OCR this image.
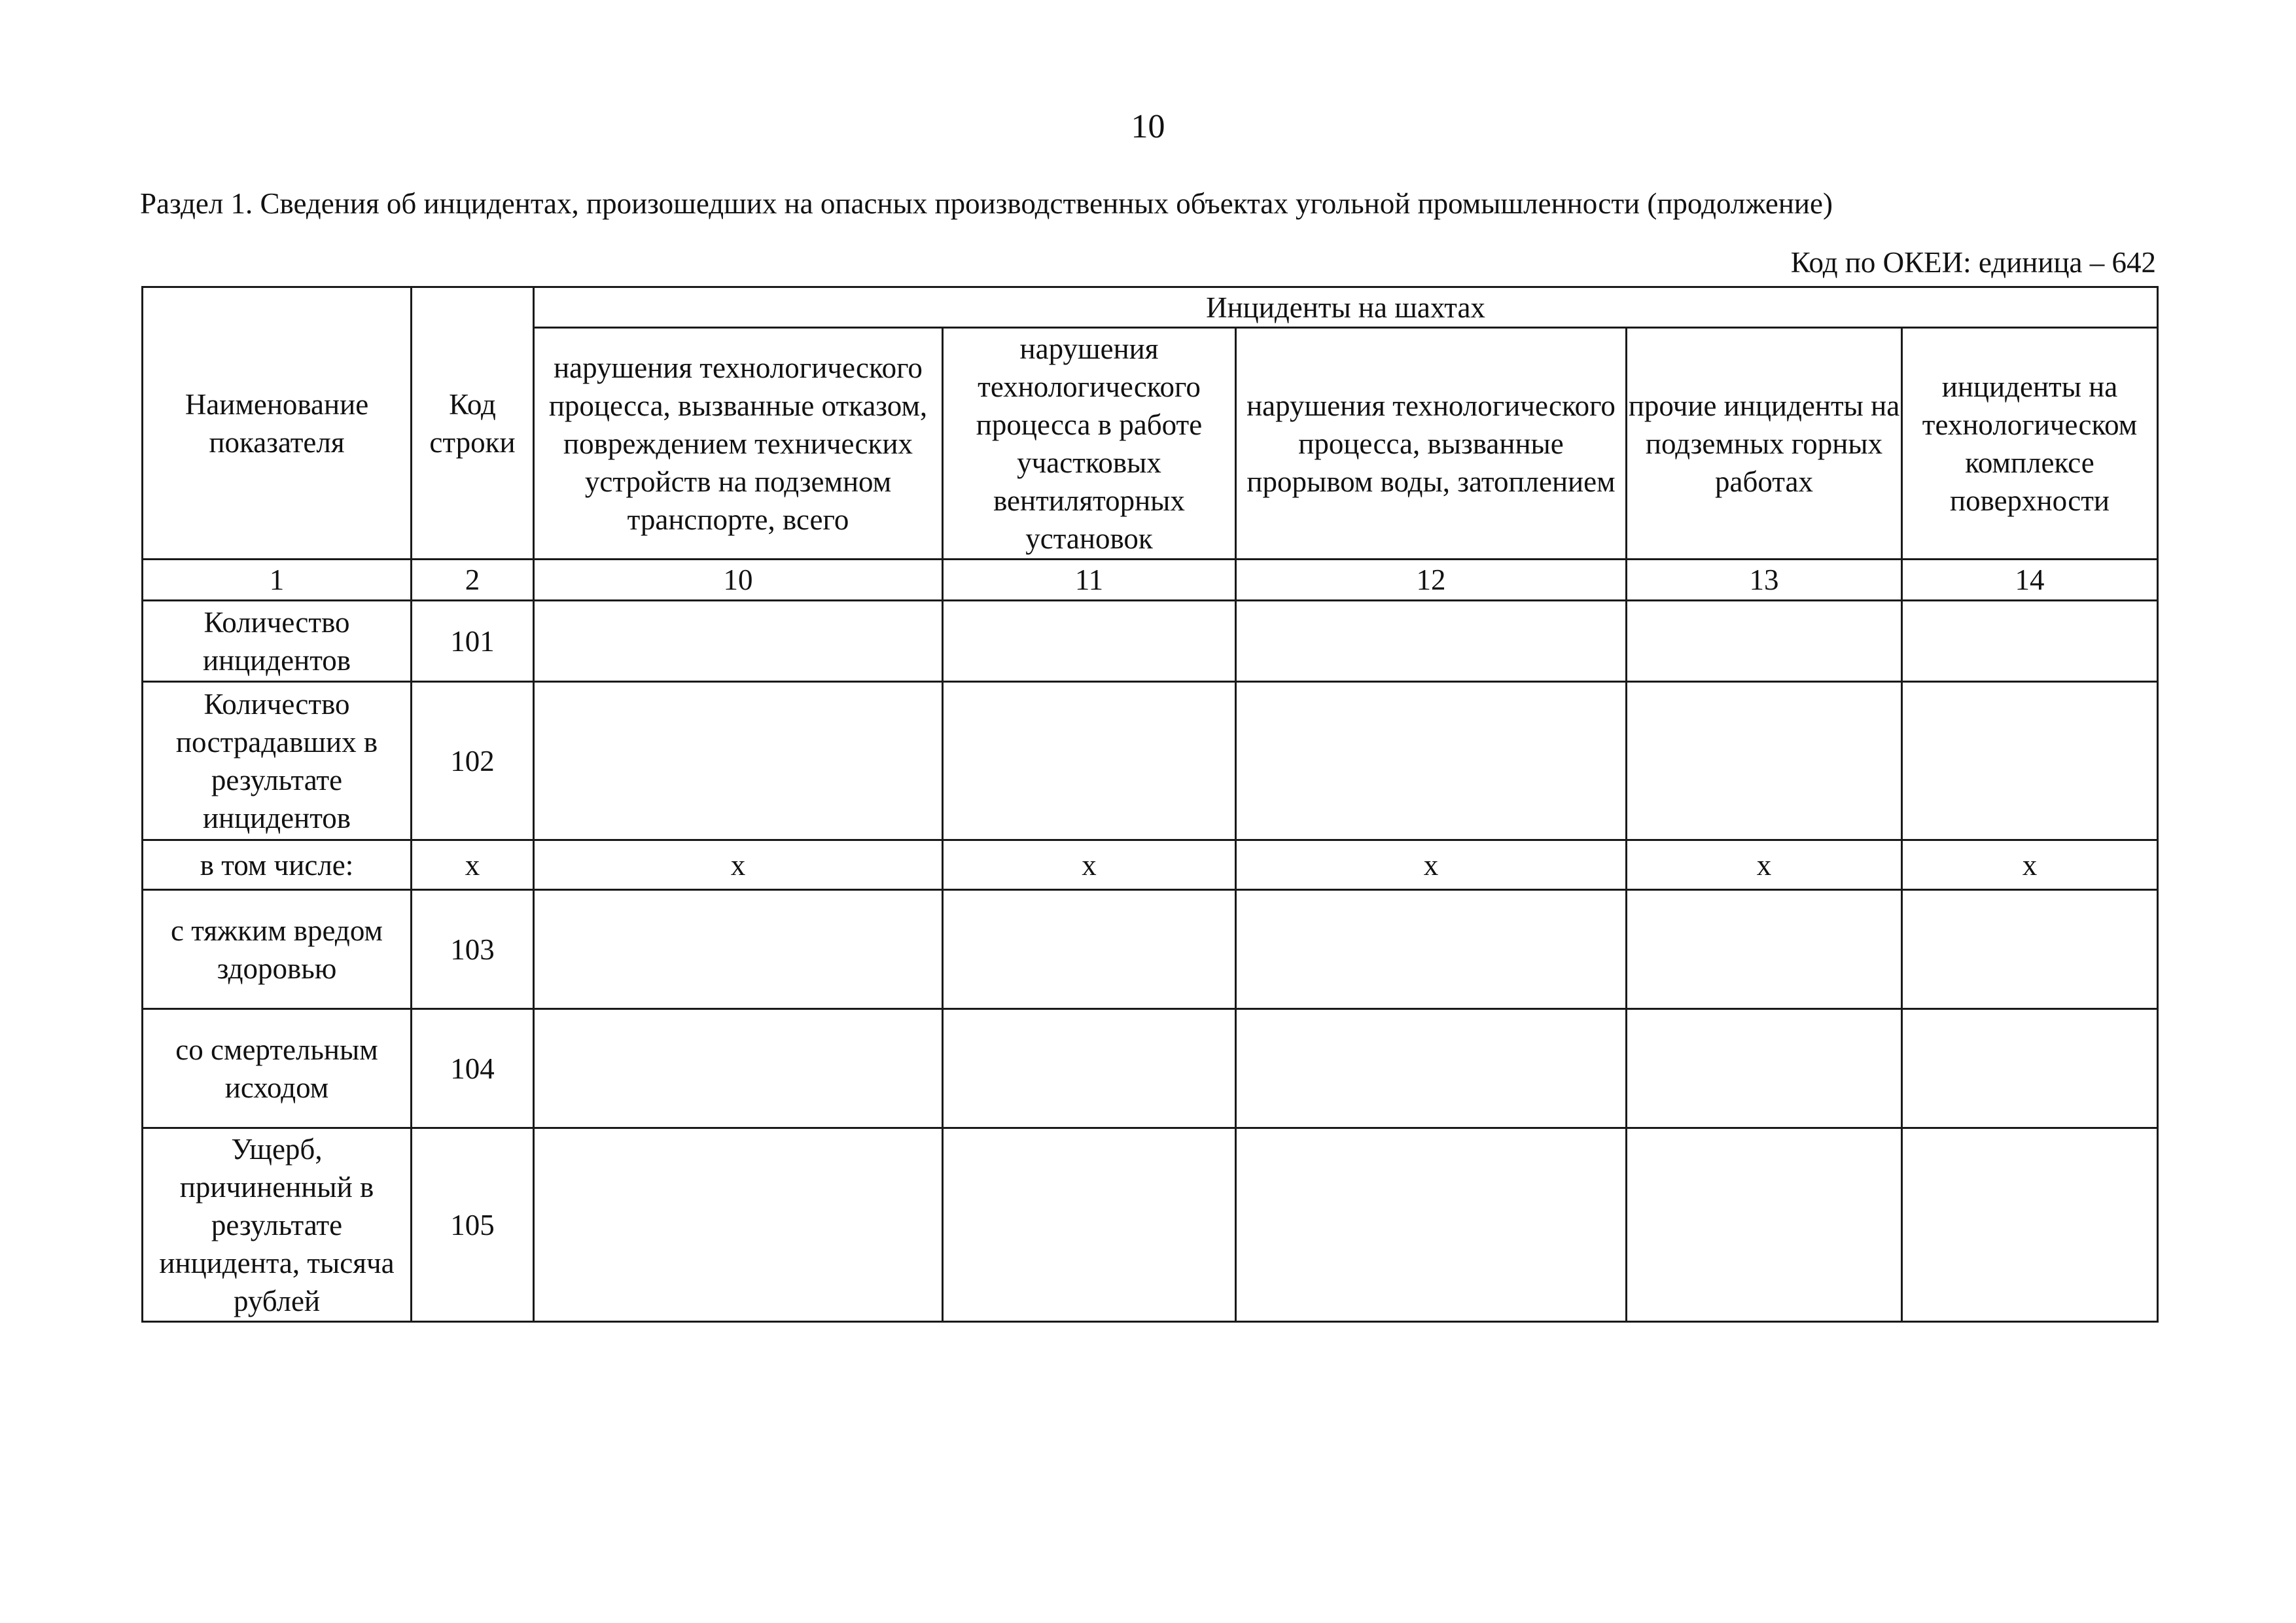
10
Раздел 1. Сведения об инцидентах, произошедших на опасных производственных объектах угольной промышленности (продолжение)
Код по ОКЕИ: единица – 642
Наименование показателя	Код строки	Инциденты на шахтах				
		нарушения технологического процесса, вызванные отказом, повреждением технических устройств на подземном транспорте, всего	нарушения технологического процесса в работе участковых вентиляторных установок	нарушения технологического процесса, вызванные прорывом воды, затоплением	прочие инциденты на подземных горных работах	инциденты на технологическом комплексе поверхности
1	2	10	11	12	13	14
Количество инцидентов	101					
Количество пострадавших в результате инцидентов	102					
в том числе:	х	х	х	х	х	х
с тяжким вредом здоровью	103					
со смертельным исходом	104					
Ущерб, причиненный в результате инцидента, тысяча рублей	105					
